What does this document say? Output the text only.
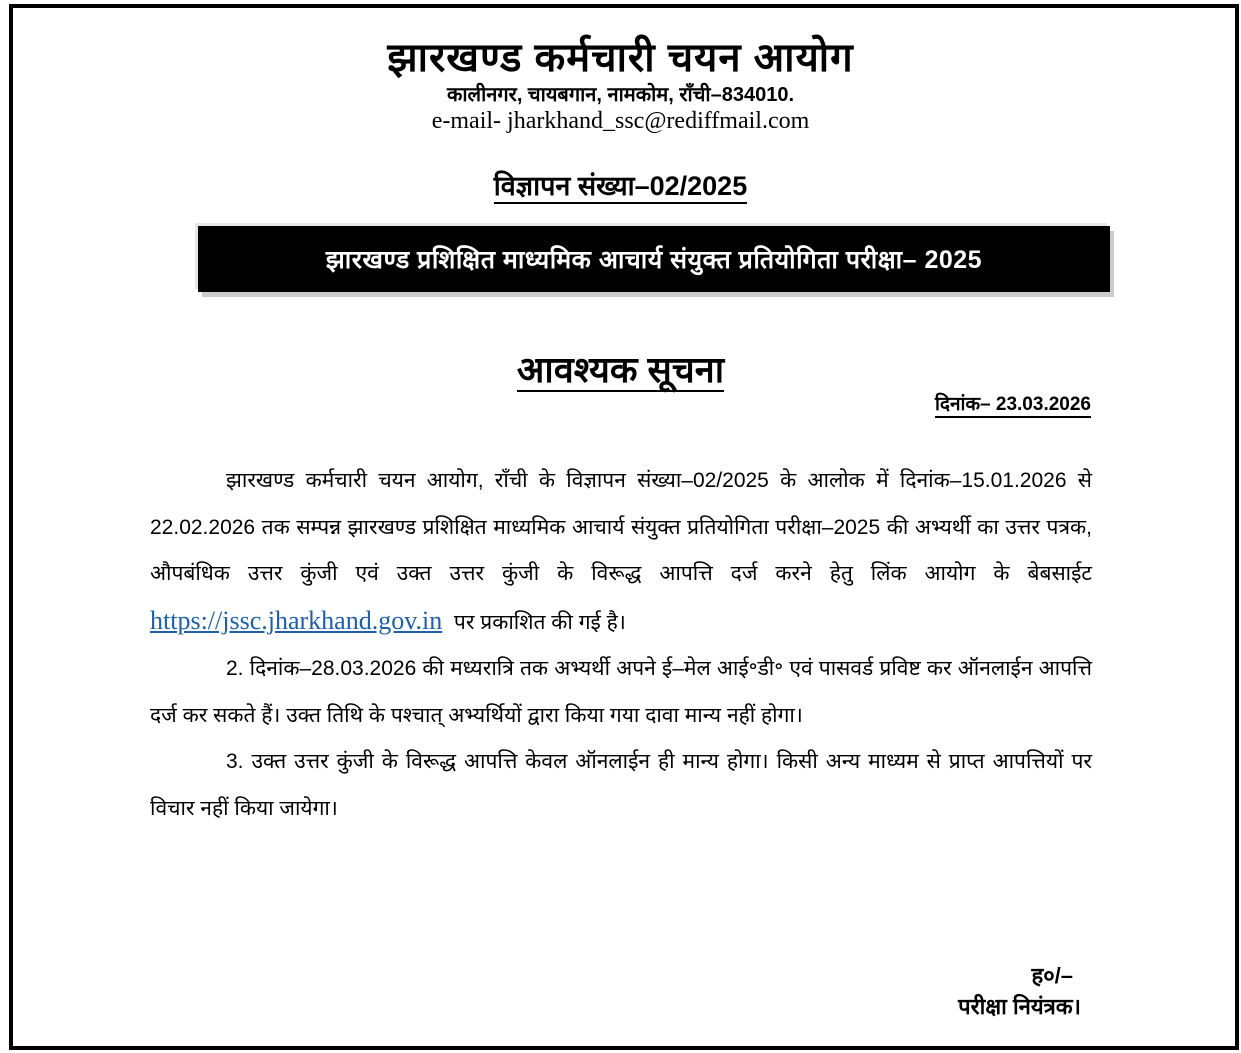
झारखण्ड कर्मचारी चयन आयोग
कालीनगर, चायबगान, नामकोम, राँची–834010.
e-mail- jharkhand_ssc@rediffmail.com
विज्ञापन संख्या–02/2025
झारखण्ड प्रशिक्षित माध्यमिक आचार्य संयुक्त प्रतियोगिता परीक्षा– 2025
आवश्यक सूचना
दिनांक– 23.03.2026

झारखण्ड कर्मचारी चयन आयोग, राँची के विज्ञापन संख्या–02/2025 के आलोक में दिनांक–15.01.2026 से 22.02.2026 तक सम्पन्न झारखण्ड प्रशिक्षित माध्यमिक आचार्य संयुक्त प्रतियोगिता परीक्षा–2025 की अभ्यर्थी का उत्तर पत्रक, औपबंधिक उत्तर कुंजी एवं उक्त उत्तर कुंजी के विरूद्ध आपत्ति दर्ज करने हेतु लिंक आयोग के बेबसाईट https://jssc.jharkhand.gov.in  पर प्रकाशित की गई है।

2. दिनांक–28.03.2026 की मध्यरात्रि तक अभ्यर्थी अपने ई–मेल आई॰डी॰ एवं पासवर्ड प्रविष्ट कर ऑनलाईन आपत्ति दर्ज कर सकते हैं। उक्त तिथि के पश्चात् अभ्यर्थियों द्वारा किया गया दावा मान्य नहीं होगा।

3. उक्त उत्तर कुंजी के विरूद्ध आपत्ति केवल ऑनलाईन ही मान्य होगा। किसी अन्य माध्यम से प्राप्त आपत्तियों पर विचार नहीं किया जायेगा।

ह०/–
परीक्षा नियंत्रक।
